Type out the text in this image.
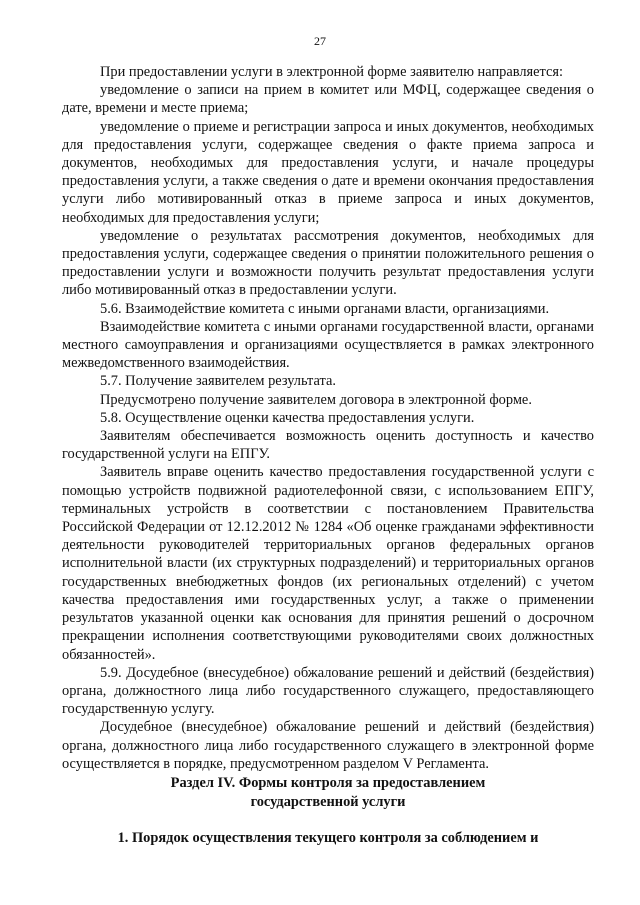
27

При предоставлении услуги в электронной форме заявителю направляется:

уведомление о записи на прием в комитет или МФЦ, содержащее сведения о дате, времени и месте приема;

уведомление о приеме и регистрации запроса и иных документов, необходимых для предоставления услуги, содержащее сведения о факте приема запроса и документов, необходимых для предоставления услуги, и начале процедуры предоставления услуги, а также сведения о дате и времени окончания предоставления услуги либо мотивированный отказ в приеме запроса и иных документов, необходимых для предоставления услуги;

уведомление о результатах рассмотрения документов, необходимых для предоставления услуги, содержащее сведения о принятии положительного решения о предоставлении услуги и возможности получить результат предоставления услуги либо мотивированный отказ в предоставлении услуги.

5.6. Взаимодействие комитета с иными органами власти, организациями.

Взаимодействие комитета с иными органами государственной власти, органами местного самоуправления и организациями осуществляется в рамках электронного межведомственного взаимодействия.

5.7. Получение заявителем результата.

Предусмотрено получение заявителем договора в электронной форме.

5.8. Осуществление оценки качества предоставления услуги.

Заявителям обеспечивается возможность оценить доступность и качество государственной услуги на ЕПГУ.

Заявитель вправе оценить качество предоставления государственной услуги с помощью устройств подвижной радиотелефонной связи, с использованием ЕПГУ, терминальных устройств в соответствии с постановлением Правительства Российской Федерации от 12.12.2012 № 1284 «Об оценке гражданами эффективности деятельности руководителей территориальных органов федеральных органов исполнительной власти (их структурных подразделений) и территориальных органов государственных внебюджетных фондов (их региональных отделений) с учетом качества предоставления ими государственных услуг, а также о применении результатов указанной оценки как основания для принятия решений о досрочном прекращении исполнения соответствующими руководителями своих должностных обязанностей».

5.9. Досудебное (внесудебное) обжалование решений и действий (бездействия) органа, должностного лица либо государственного служащего, предоставляющего государственную услугу.

Досудебное (внесудебное) обжалование решений и действий (бездействия) органа, должностного лица либо государственного служащего в электронной форме осуществляется в порядке, предусмотренном разделом V Регламента.

Раздел IV. Формы контроля за предоставлением
государственной услуги
1. Порядок осуществления текущего контроля за соблюдением и
